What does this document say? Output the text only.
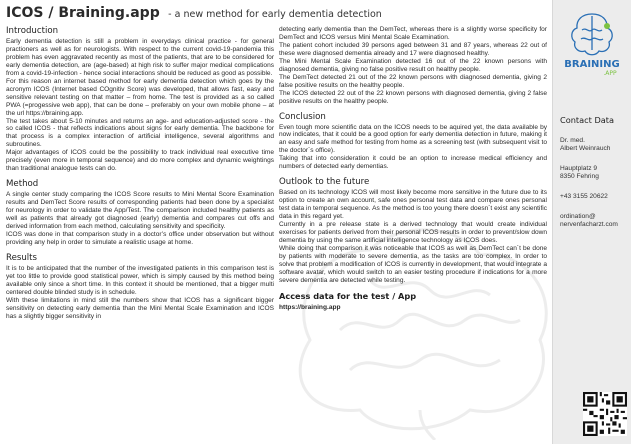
ICOS / Braining.app - a new method for early dementia detection
Introduction

Early dementia detection is still a problem in everydays clinical practice - for general practioners as well as for neurologists. With respect to the current covid-19-pandemia this problem has even aggravated recently as most of the patients, that are to be considered for early dementia detection, are (age-based) at high risk to suffer major medical complications from a covid-19-infection - hence social interactions should be reduced as good as possible.

For this reason an internet based method for early dementia detection which goes by the acronym ICOS (Internet based COgnitiv Score) was developed, that allows fast, easy and sensitive relevant testing on that matter – from home. The test is provided as a so called PWA (=progessive web app), that can be done – preferably on your own mobile phone – at the url https://braining.app.

The test takes about 5-10 minutes and returns an age- and education-adjusted score - the so called ICOS - that reflects indications about signs for early dementia. The backbone for that process is a complex interaction of artificial intelligence, several algorithms and subroutines.

Major advantages of ICOS could be the possibility to track individual real executive time precisely (even more in temporal sequence) and do more complex and dynamic weightings than traditional analogue tests can do.

Method

A single center study comparing the ICOS Score results to Mini Mental Score Examination results and DemTect Score results of corresponding patients had been done by a specialist for neurology in order to validate the App/Test. The comparison included healthy patients as well as patients that already got diagnosed (early) dementia and compares cut offs and derived information from each method, calculating sensitivity and specificity.

ICOS was done in that comparison study in a doctor’s office under observation but without providing any help in order to simulate a realistic usage at home.

Results

It is to be anticipated that the number of the investigated patients in this comparison test is yet too little to provide good statistical power, which is simply caused by this method being available only since a short time. In this context it should be mentioned, that a bigger multi centered double blinded study is in schedule.

With these limitations in mind still the numbers show that ICOS has a significant bigger sensitivity on detecting early dementia than the Mini Mental Scale Examination and ICOS has a slightly bigger sensitivity in

detecting early dementia than the DemTect, whereas there is a slightly worse specificity for DemTect and ICOS versus Mini Mental Scale Examination.

The patient cohort included 39 persons aged between 31 and 87 years, whereas 22 out of these were diagnosed dementia already and 17 were diagnosed healthy.

The Mini Mental Scale Examination detected 16 out of the 22 known persons with diagnosed dementia, giving no false positive result on healthy people.

The DemTect detected 21 out of the 22 known persons with diagnosed dementia, giving 2 false positive results on the healthy people.

The ICOS detected 22 out of the 22 known persons with diagnosed dementia, giving 2 false positive results on the healthy people.

Conclusion

Even tough more scientific data on the ICOS needs to be aquired yet, the data available by now indicates, that it could be a good option for early dementia detection in future, making it an easy and safe method for testing from home as a screening test (with subsequent visit to the doctor´s office).

Taking that into consideration it could be an option to increase medical efficiency and numbers of detected early dementias.

Outlook to the future

Based on its technology ICOS will most likely become more sensitive in the future due to its option to create an own account, safe ones personal test data and compare ones personal test data in temporal sequence. As the method is too young there doesn´t exist any scientific data in this regard yet.

Currently in a pre release state is a derived technology that would create individual exercises for patients derived from their personal ICOS results in order to prevent/slow down dementia by using the same artificial intelligence technology as ICOS does.

While doing that comparison it was noticeable that ICOS as well as DemTect can´t be done by patients with moderate to severe dementia, as the tasks are too complex. In order to solve that problem a modification of ICOS is currently in development, that would integrate a software avatar, which would switch to an easier testing procedure if indications for a more severe dementia are detected while testing.

Access data for the test / App

https://braining.app

BRAINING
.APP
Contact Data
Dr. med.
Albert Weinrauch
Hauptplatz 9
8350 Fehring
+43 3155 20622
ordination@
nervenfacharzt.com
